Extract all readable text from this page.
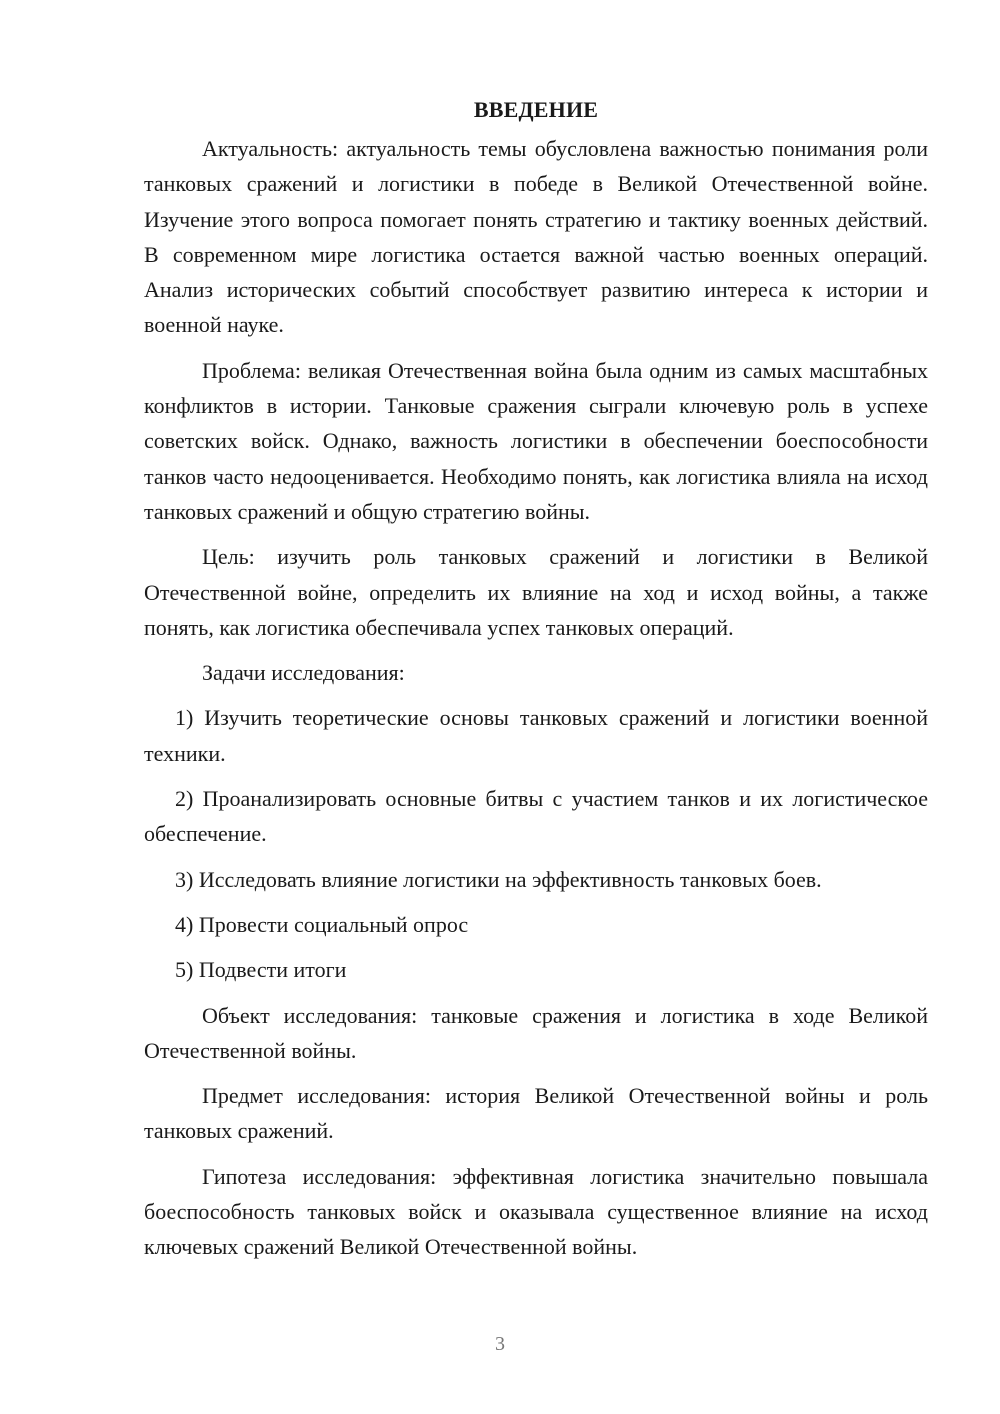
ВВЕДЕНИЕ

Актуальность: актуальность темы обусловлена важностью понимания роли танковых сражений и логистики в победе в Великой Отечественной войне. Изучение этого вопроса помогает понять стратегию и тактику военных действий. В современном мире логистика остается важной частью военных операций. Анализ исторических событий способствует развитию интереса к истории и военной науке.

Проблема: великая Отечественная война была одним из самых масштабных конфликтов в истории. Танковые сражения сыграли ключевую роль в успехе советских войск. Однако, важность логистики в обеспечении боеспособности танков часто недооценивается. Необходимо понять, как логистика влияла на исход танковых сражений и общую стратегию войны.

Цель: изучить роль танковых сражений и логистики в Великой Отечественной войне, определить их влияние на ход и исход войны, а также понять, как логистика обеспечивала успех танковых операций.

Задачи исследования:

1) Изучить теоретические основы танковых сражений и логистики военной техники.

2) Проанализировать основные битвы с участием танков и их логистическое обеспечение.

3) Исследовать влияние логистики на эффективность танковых боев.

4) Провести социальный опрос

5) Подвести итоги

Объект исследования: танковые сражения и логистика в ходе Великой Отечественной войны.

Предмет исследования: история Великой Отечественной войны и роль танковых сражений.

Гипотеза исследования: эффективная логистика значительно повышала боеспособность танковых войск и оказывала существенное влияние на исход ключевых сражений Великой Отечественной войны.

3
